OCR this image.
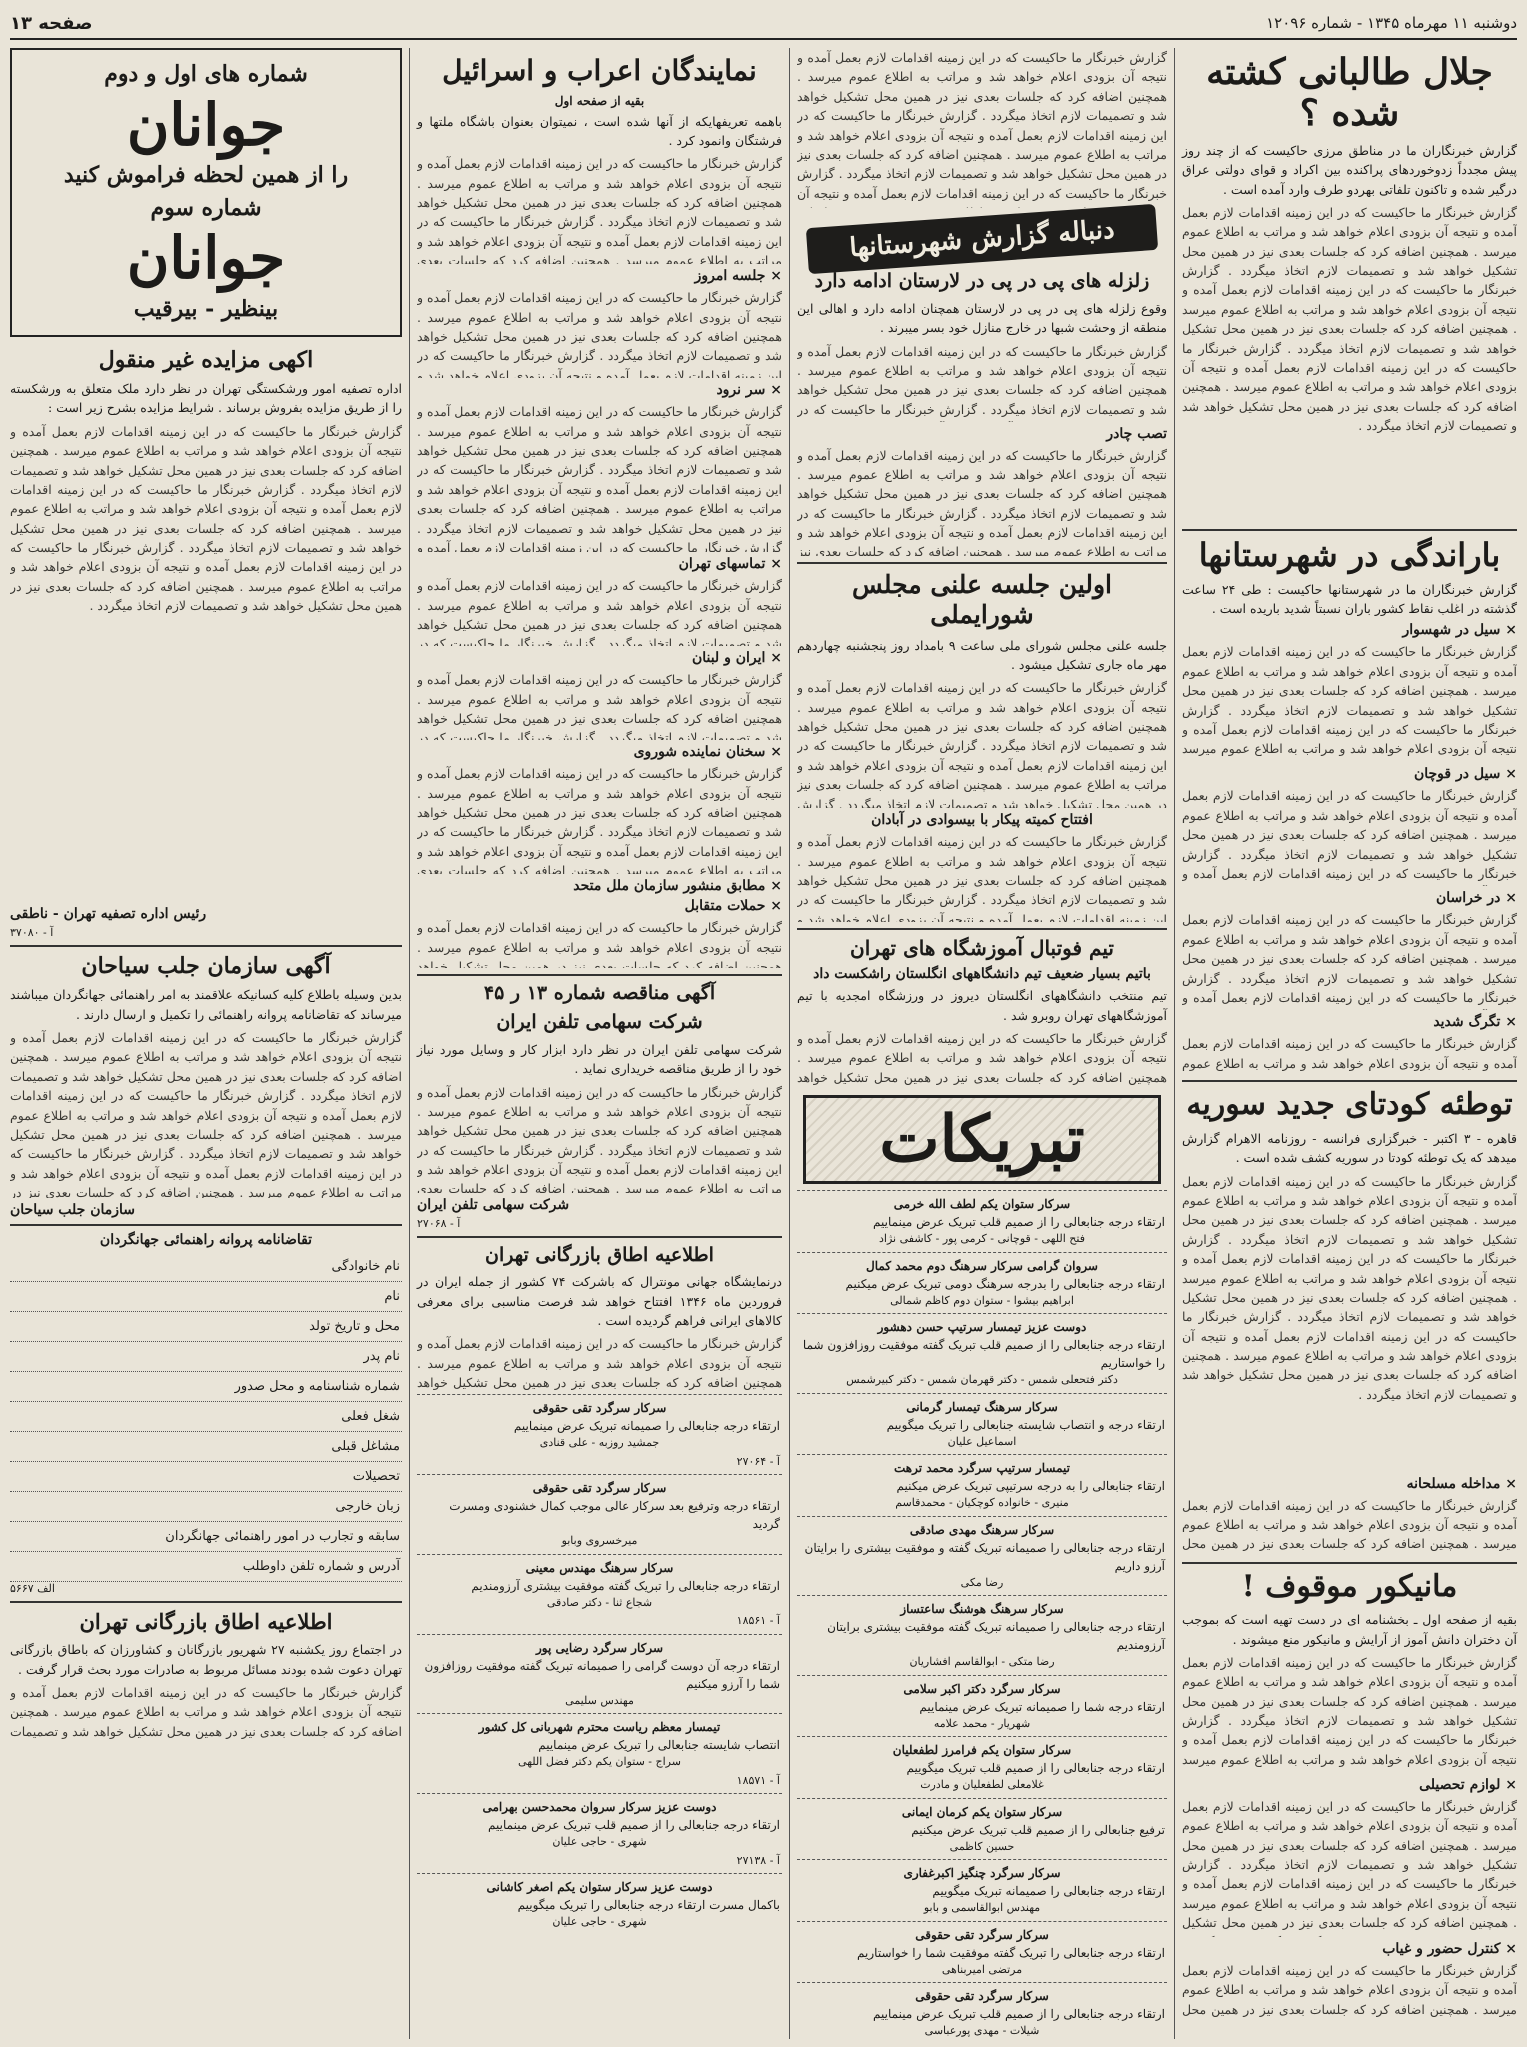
دوشنبه ۱۱ مهرماه ۱۳۴۵ - شماره ۱۲۰۹۶
صفحه ۱۳
جلال طالبانی کشته شده ؟

گزارش خبرنگاران ما در مناطق مرزی حاکیست که از چند روز پیش مجدداً زدوخوردهای پراکنده بین اکراد و قوای دولتی عراق درگیر شده و تاکنون تلفاتی بهردو طرف وارد آمده است .

گزارش خبرنگار ما حاکیست که در این زمینه اقدامات لازم بعمل آمده و نتیجه آن بزودی اعلام خواهد شد و مراتب به اطلاع عموم میرسد . همچنین اضافه کرد که جلسات بعدی نیز در همین محل تشکیل خواهد شد و تصمیمات لازم اتخاذ میگردد . گزارش خبرنگار ما حاکیست که در این زمینه اقدامات لازم بعمل آمده و نتیجه آن بزودی اعلام خواهد شد و مراتب به اطلاع عموم میرسد . همچنین اضافه کرد که جلسات بعدی نیز در همین محل تشکیل خواهد شد و تصمیمات لازم اتخاذ میگردد . گزارش خبرنگار ما حاکیست که در این زمینه اقدامات لازم بعمل آمده و نتیجه آن بزودی اعلام خواهد شد و مراتب به اطلاع عموم میرسد . همچنین اضافه کرد که جلسات بعدی نیز در همین محل تشکیل خواهد شد و تصمیمات لازم اتخاذ میگردد .
باراندگی در شهرستانها

گزارش خبرنگاران ما در شهرستانها حاکیست : طی ۲۴ ساعت گذشته در اغلب نقاط کشور باران نسبتاً شدید باریده است .

× سیل در شهسوار
گزارش خبرنگار ما حاکیست که در این زمینه اقدامات لازم بعمل آمده و نتیجه آن بزودی اعلام خواهد شد و مراتب به اطلاع عموم میرسد . همچنین اضافه کرد که جلسات بعدی نیز در همین محل تشکیل خواهد شد و تصمیمات لازم اتخاذ میگردد . گزارش خبرنگار ما حاکیست که در این زمینه اقدامات لازم بعمل آمده و نتیجه آن بزودی اعلام خواهد شد و مراتب به اطلاع عموم میرسد . همچنین اضافه کرد که جلسات بعدی نیز در همین محل تشکیل خواهد شد و تصمیمات لازم اتخاذ میگردد . گزارش خبرنگار ما حاکیست که در این زمینه اقدامات لازم بعمل آمده و نتیجه آن بزودی اعلام خواهد شد و مراتب به اطلاع عموم میرسد . همچنین اضافه کرد که جلسات بعدی نیز در همین محل تشکیل خواهد شد و تصمیمات لازم اتخاذ میگردد .
× سیل در قوچان
گزارش خبرنگار ما حاکیست که در این زمینه اقدامات لازم بعمل آمده و نتیجه آن بزودی اعلام خواهد شد و مراتب به اطلاع عموم میرسد . همچنین اضافه کرد که جلسات بعدی نیز در همین محل تشکیل خواهد شد و تصمیمات لازم اتخاذ میگردد . گزارش خبرنگار ما حاکیست که در این زمینه اقدامات لازم بعمل آمده و نتیجه آن بزودی اعلام خواهد شد و مراتب به اطلاع عموم میرسد . همچنین اضافه کرد که جلسات بعدی نیز در همین محل تشکیل خواهد شد و تصمیمات لازم اتخاذ میگردد . گزارش خبرنگار ما حاکیست که در این زمینه اقدامات لازم بعمل آمده و نتیجه آن بزودی اعلام خواهد شد و مراتب به اطلاع عموم میرسد . همچنین اضافه کرد که جلسات بعدی نیز در همین محل تشکیل خواهد شد و تصمیمات لازم اتخاذ میگردد .
× در خراسان
گزارش خبرنگار ما حاکیست که در این زمینه اقدامات لازم بعمل آمده و نتیجه آن بزودی اعلام خواهد شد و مراتب به اطلاع عموم میرسد . همچنین اضافه کرد که جلسات بعدی نیز در همین محل تشکیل خواهد شد و تصمیمات لازم اتخاذ میگردد . گزارش خبرنگار ما حاکیست که در این زمینه اقدامات لازم بعمل آمده و نتیجه آن بزودی اعلام خواهد شد و مراتب به اطلاع عموم میرسد . همچنین اضافه کرد که جلسات بعدی نیز در همین محل تشکیل خواهد شد و تصمیمات لازم اتخاذ میگردد . گزارش خبرنگار ما حاکیست که در این زمینه اقدامات لازم بعمل آمده و نتیجه آن بزودی اعلام خواهد شد و مراتب به اطلاع عموم میرسد . همچنین اضافه کرد که جلسات بعدی نیز در همین محل تشکیل خواهد شد و تصمیمات لازم اتخاذ میگردد .
× تگرگ شدید
گزارش خبرنگار ما حاکیست که در این زمینه اقدامات لازم بعمل آمده و نتیجه آن بزودی اعلام خواهد شد و مراتب به اطلاع عموم میرسد . همچنین اضافه کرد که جلسات بعدی نیز در همین محل تشکیل خواهد شد و تصمیمات لازم اتخاذ میگردد . گزارش خبرنگار ما حاکیست که در این زمینه اقدامات لازم بعمل آمده و نتیجه آن بزودی اعلام خواهد شد و مراتب به اطلاع عموم میرسد . همچنین اضافه کرد که جلسات بعدی نیز در همین محل تشکیل خواهد شد و تصمیمات لازم اتخاذ میگردد . گزارش خبرنگار ما حاکیست که در این زمینه اقدامات لازم بعمل آمده و نتیجه آن بزودی اعلام خواهد شد و مراتب به اطلاع عموم میرسد . همچنین اضافه کرد که جلسات بعدی نیز در همین محل تشکیل خواهد شد و تصمیمات لازم اتخاذ میگردد .
توطئه کودتای جدید سوریه

قاهره - ۳ اکتبر - خبرگزاری فرانسه - روزنامه الاهرام گزارش میدهد که یک توطئه کودتا در سوریه کشف شده است .

گزارش خبرنگار ما حاکیست که در این زمینه اقدامات لازم بعمل آمده و نتیجه آن بزودی اعلام خواهد شد و مراتب به اطلاع عموم میرسد . همچنین اضافه کرد که جلسات بعدی نیز در همین محل تشکیل خواهد شد و تصمیمات لازم اتخاذ میگردد . گزارش خبرنگار ما حاکیست که در این زمینه اقدامات لازم بعمل آمده و نتیجه آن بزودی اعلام خواهد شد و مراتب به اطلاع عموم میرسد . همچنین اضافه کرد که جلسات بعدی نیز در همین محل تشکیل خواهد شد و تصمیمات لازم اتخاذ میگردد . گزارش خبرنگار ما حاکیست که در این زمینه اقدامات لازم بعمل آمده و نتیجه آن بزودی اعلام خواهد شد و مراتب به اطلاع عموم میرسد . همچنین اضافه کرد که جلسات بعدی نیز در همین محل تشکیل خواهد شد و تصمیمات لازم اتخاذ میگردد .
× مداخله مسلحانه
گزارش خبرنگار ما حاکیست که در این زمینه اقدامات لازم بعمل آمده و نتیجه آن بزودی اعلام خواهد شد و مراتب به اطلاع عموم میرسد . همچنین اضافه کرد که جلسات بعدی نیز در همین محل تشکیل خواهد شد و تصمیمات لازم اتخاذ میگردد . گزارش خبرنگار ما حاکیست که در این زمینه اقدامات لازم بعمل آمده و نتیجه آن بزودی اعلام خواهد شد و مراتب به اطلاع عموم میرسد . همچنین اضافه کرد که جلسات بعدی نیز در همین محل تشکیل خواهد شد و تصمیمات لازم اتخاذ میگردد . گزارش خبرنگار ما حاکیست که در این زمینه اقدامات لازم بعمل آمده و نتیجه آن بزودی اعلام خواهد شد و مراتب به اطلاع عموم میرسد . همچنین اضافه کرد که جلسات بعدی نیز در همین محل تشکیل خواهد شد و تصمیمات لازم اتخاذ میگردد .
مانیکور موقوف !

بقیه از صفحه اول ـ بخشنامه ای در دست تهیه است که بموجب آن دختران دانش آموز از آرایش و مانیکور منع میشوند .

گزارش خبرنگار ما حاکیست که در این زمینه اقدامات لازم بعمل آمده و نتیجه آن بزودی اعلام خواهد شد و مراتب به اطلاع عموم میرسد . همچنین اضافه کرد که جلسات بعدی نیز در همین محل تشکیل خواهد شد و تصمیمات لازم اتخاذ میگردد . گزارش خبرنگار ما حاکیست که در این زمینه اقدامات لازم بعمل آمده و نتیجه آن بزودی اعلام خواهد شد و مراتب به اطلاع عموم میرسد . همچنین اضافه کرد که جلسات بعدی نیز در همین محل تشکیل خواهد شد و تصمیمات لازم اتخاذ میگردد . گزارش خبرنگار ما حاکیست که در این زمینه اقدامات لازم بعمل آمده و نتیجه آن بزودی اعلام خواهد شد و مراتب به اطلاع عموم میرسد . همچنین اضافه کرد که جلسات بعدی نیز در همین محل تشکیل خواهد شد و تصمیمات لازم اتخاذ میگردد .
× لوازم تحصیلی
گزارش خبرنگار ما حاکیست که در این زمینه اقدامات لازم بعمل آمده و نتیجه آن بزودی اعلام خواهد شد و مراتب به اطلاع عموم میرسد . همچنین اضافه کرد که جلسات بعدی نیز در همین محل تشکیل خواهد شد و تصمیمات لازم اتخاذ میگردد . گزارش خبرنگار ما حاکیست که در این زمینه اقدامات لازم بعمل آمده و نتیجه آن بزودی اعلام خواهد شد و مراتب به اطلاع عموم میرسد . همچنین اضافه کرد که جلسات بعدی نیز در همین محل تشکیل خواهد شد و تصمیمات لازم اتخاذ میگردد . گزارش خبرنگار ما حاکیست که در این زمینه اقدامات لازم بعمل آمده و نتیجه آن بزودی اعلام خواهد شد و مراتب به اطلاع عموم میرسد . همچنین اضافه کرد که جلسات بعدی نیز در همین محل تشکیل خواهد شد و تصمیمات لازم اتخاذ میگردد .
× کنترل حضور و غیاب
گزارش خبرنگار ما حاکیست که در این زمینه اقدامات لازم بعمل آمده و نتیجه آن بزودی اعلام خواهد شد و مراتب به اطلاع عموم میرسد . همچنین اضافه کرد که جلسات بعدی نیز در همین محل تشکیل خواهد شد و تصمیمات لازم اتخاذ میگردد . گزارش خبرنگار ما حاکیست که در این زمینه اقدامات لازم بعمل آمده و نتیجه آن بزودی اعلام خواهد شد و مراتب به اطلاع عموم میرسد . همچنین اضافه کرد که جلسات بعدی نیز در همین محل تشکیل خواهد شد و تصمیمات لازم اتخاذ میگردد . گزارش خبرنگار ما حاکیست که در این زمینه اقدامات لازم بعمل آمده و نتیجه آن بزودی اعلام خواهد شد و مراتب به اطلاع عموم میرسد . همچنین اضافه کرد که جلسات بعدی نیز در همین محل تشکیل خواهد شد و تصمیمات لازم اتخاذ میگردد .
گزارش خبرنگار ما حاکیست که در این زمینه اقدامات لازم بعمل آمده و نتیجه آن بزودی اعلام خواهد شد و مراتب به اطلاع عموم میرسد . همچنین اضافه کرد که جلسات بعدی نیز در همین محل تشکیل خواهد شد و تصمیمات لازم اتخاذ میگردد . گزارش خبرنگار ما حاکیست که در این زمینه اقدامات لازم بعمل آمده و نتیجه آن بزودی اعلام خواهد شد و مراتب به اطلاع عموم میرسد . همچنین اضافه کرد که جلسات بعدی نیز در همین محل تشکیل خواهد شد و تصمیمات لازم اتخاذ میگردد . گزارش خبرنگار ما حاکیست که در این زمینه اقدامات لازم بعمل آمده و نتیجه آن بزودی اعلام خواهد شد و مراتب به اطلاع عموم میرسد . همچنین اضافه کرد که جلسات بعدی نیز در همین محل تشکیل خواهد شد و تصمیمات لازم اتخاذ میگردد .
دنباله گزارش شهرستانها
زلزله های پی در پی در لارستان ادامه دارد

وقوع زلزله های پی در پی در لارستان همچنان ادامه دارد و اهالی این منطقه از وحشت شبها در خارج منازل خود بسر میبرند .

گزارش خبرنگار ما حاکیست که در این زمینه اقدامات لازم بعمل آمده و نتیجه آن بزودی اعلام خواهد شد و مراتب به اطلاع عموم میرسد . همچنین اضافه کرد که جلسات بعدی نیز در همین محل تشکیل خواهد شد و تصمیمات لازم اتخاذ میگردد . گزارش خبرنگار ما حاکیست که در این زمینه اقدامات لازم بعمل آمده و نتیجه آن بزودی اعلام خواهد شد و مراتب به اطلاع عموم میرسد . همچنین اضافه کرد که جلسات بعدی نیز در همین محل تشکیل خواهد شد و تصمیمات لازم اتخاذ میگردد . گزارش خبرنگار ما حاکیست که در این زمینه اقدامات لازم بعمل آمده و نتیجه آن بزودی اعلام خواهد شد و مراتب به اطلاع عموم میرسد . همچنین اضافه کرد که جلسات بعدی نیز در همین محل تشکیل خواهد شد و تصمیمات لازم اتخاذ میگردد .
تصب چادر
گزارش خبرنگار ما حاکیست که در این زمینه اقدامات لازم بعمل آمده و نتیجه آن بزودی اعلام خواهد شد و مراتب به اطلاع عموم میرسد . همچنین اضافه کرد که جلسات بعدی نیز در همین محل تشکیل خواهد شد و تصمیمات لازم اتخاذ میگردد . گزارش خبرنگار ما حاکیست که در این زمینه اقدامات لازم بعمل آمده و نتیجه آن بزودی اعلام خواهد شد و مراتب به اطلاع عموم میرسد . همچنین اضافه کرد که جلسات بعدی نیز در همین محل تشکیل خواهد شد و تصمیمات لازم اتخاذ میگردد . گزارش خبرنگار ما حاکیست که در این زمینه اقدامات لازم بعمل آمده و نتیجه آن بزودی اعلام خواهد شد و مراتب به اطلاع عموم میرسد . همچنین اضافه کرد که جلسات بعدی نیز در همین محل تشکیل خواهد شد و تصمیمات لازم اتخاذ میگردد .
اولین جلسه علنی مجلس شورایملی

جلسه علنی مجلس شورای ملی ساعت ۹ بامداد روز پنجشنبه چهاردهم مهر ماه جاری تشکیل میشود .

گزارش خبرنگار ما حاکیست که در این زمینه اقدامات لازم بعمل آمده و نتیجه آن بزودی اعلام خواهد شد و مراتب به اطلاع عموم میرسد . همچنین اضافه کرد که جلسات بعدی نیز در همین محل تشکیل خواهد شد و تصمیمات لازم اتخاذ میگردد . گزارش خبرنگار ما حاکیست که در این زمینه اقدامات لازم بعمل آمده و نتیجه آن بزودی اعلام خواهد شد و مراتب به اطلاع عموم میرسد . همچنین اضافه کرد که جلسات بعدی نیز در همین محل تشکیل خواهد شد و تصمیمات لازم اتخاذ میگردد . گزارش خبرنگار ما حاکیست که در این زمینه اقدامات لازم بعمل آمده و نتیجه آن بزودی اعلام خواهد شد و مراتب به اطلاع عموم میرسد . همچنین اضافه کرد که جلسات بعدی نیز در همین محل تشکیل خواهد شد و تصمیمات لازم اتخاذ میگردد .
افتتاح کمیته پیکار با بیسوادی در آبادان
گزارش خبرنگار ما حاکیست که در این زمینه اقدامات لازم بعمل آمده و نتیجه آن بزودی اعلام خواهد شد و مراتب به اطلاع عموم میرسد . همچنین اضافه کرد که جلسات بعدی نیز در همین محل تشکیل خواهد شد و تصمیمات لازم اتخاذ میگردد . گزارش خبرنگار ما حاکیست که در این زمینه اقدامات لازم بعمل آمده و نتیجه آن بزودی اعلام خواهد شد و مراتب به اطلاع عموم میرسد . همچنین اضافه کرد که جلسات بعدی نیز در همین محل تشکیل خواهد شد و تصمیمات لازم اتخاذ میگردد . گزارش خبرنگار ما حاکیست که در این زمینه اقدامات لازم بعمل آمده و نتیجه آن بزودی اعلام خواهد شد و مراتب به اطلاع عموم میرسد . همچنین اضافه کرد که جلسات بعدی نیز در همین محل تشکیل خواهد شد و تصمیمات لازم اتخاذ میگردد .
تیم فوتبال آموزشگاه های تهران
باتیم بسیار ضعیف تیم دانشگاههای انگلستان راشکست داد

تیم منتخب دانشگاههای انگلستان دیروز در ورزشگاه امجدیه با تیم آموزشگاههای تهران روبرو شد .

گزارش خبرنگار ما حاکیست که در این زمینه اقدامات لازم بعمل آمده و نتیجه آن بزودی اعلام خواهد شد و مراتب به اطلاع عموم میرسد . همچنین اضافه کرد که جلسات بعدی نیز در همین محل تشکیل خواهد شد و تصمیمات لازم اتخاذ میگردد . گزارش خبرنگار ما حاکیست که در این زمینه اقدامات لازم بعمل آمده و نتیجه آن بزودی اعلام خواهد شد و مراتب به اطلاع عموم میرسد . همچنین اضافه کرد که جلسات بعدی نیز در همین محل تشکیل خواهد شد و تصمیمات لازم اتخاذ میگردد . گزارش خبرنگار ما حاکیست که در این زمینه اقدامات لازم بعمل آمده و نتیجه آن بزودی اعلام خواهد شد و مراتب به اطلاع عموم میرسد . همچنین اضافه کرد که جلسات بعدی نیز در همین محل تشکیل خواهد شد و تصمیمات لازم اتخاذ میگردد .
تبریکات
سرکار ستوان یکم لطف الله خرمی
ارتقاء درجه جنابعالی را از صمیم قلب تبریک عرض مینماییم
فتح اللهی - قوچانی - کرمی پور - کاشفی نژاد
سروان گرامی سرکار سرهنگ دوم محمد کمال
ارتقاء درجه جنابعالی را بدرجه سرهنگ دومی تبریک عرض میکنیم
ابراهیم بیشوا - ستوان دوم کاظم شمالی
دوست عزیز تیمسار سرتیپ حسن دهشور
ارتقاء درجه جنابعالی را از صمیم قلب تبریک گفته موفقیت روزافزون شما را خواستاریم
دکتر فتحعلی شمس - دکتر قهرمان شمس - دکتر کبیرشمس
سرکار سرهنگ تیمسار گرمانی
ارتقاء درجه و انتصاب شایسته جنابعالی را تبریک میگوییم
اسماعیل علیان
تیمسار سرتیپ سرگرد محمد ترهت
ارتقاء جنابعالی را به درجه سرتیپی تبریک عرض میکنیم
منیری - خانواده کوچکیان - محمدقاسم
سرکار سرهنگ مهدی صادقی
ارتقاء درجه جنابعالی را صمیمانه تبریک گفته و موفقیت بیشتری را برایتان آرزو داریم
رضا مکی
سرکار سرهنگ هوشنگ ساعتساز
ارتقاء درجه جنابعالی را صمیمانه تبریک گفته موفقیت بیشتری برایتان آرزومندیم
رضا متکی - ابوالقاسم افشاریان
سرکار سرگرد دکتر اکبر سلامی
ارتقاء درجه شما را صمیمانه تبریک عرض مینماییم
شهریار - محمد علامه
سرکار ستوان یکم فرامرز لطفعلیان
ارتقاء درجه جنابعالی را از صمیم قلب تبریک میگوییم
غلامعلی لطفعلیان و مادرت
سرکار ستوان یکم کرمان ایمانی
ترفیع جنابعالی را از صمیم قلب تبریک عرض میکنیم
حسین کاظمی
سرکار سرگرد چنگیز اکبرغفاری
ارتقاء درجه جنابعالی را صمیمانه تبریک میگوییم
مهندس ابوالقاسمی و بابو
سرکار سرگرد تقی حقوقی
ارتقاء درجه جنابعالی را تبریک گفته موفقیت شما را خواستاریم
مرتضی امیربناهی
سرکار سرگرد تقی حقوقی
ارتقاء درجه جنابعالی را از صمیم قلب تبریک عرض مینماییم
شیلات - مهدی پورعباسی
نمایندگان اعراب و اسرائیل
بقیه از صفحه اول

باهمه تعریفهایکه از آنها شده است ، نمیتوان بعنوان باشگاه ملتها و فرشتگان وانمود کرد .

گزارش خبرنگار ما حاکیست که در این زمینه اقدامات لازم بعمل آمده و نتیجه آن بزودی اعلام خواهد شد و مراتب به اطلاع عموم میرسد . همچنین اضافه کرد که جلسات بعدی نیز در همین محل تشکیل خواهد شد و تصمیمات لازم اتخاذ میگردد . گزارش خبرنگار ما حاکیست که در این زمینه اقدامات لازم بعمل آمده و نتیجه آن بزودی اعلام خواهد شد و مراتب به اطلاع عموم میرسد . همچنین اضافه کرد که جلسات بعدی نیز در همین محل تشکیل خواهد شد و تصمیمات لازم اتخاذ میگردد . گزارش خبرنگار ما حاکیست که در این زمینه اقدامات لازم بعمل آمده و نتیجه آن بزودی اعلام خواهد شد و مراتب به اطلاع عموم میرسد . همچنین اضافه کرد که جلسات بعدی نیز در همین محل تشکیل خواهد شد و تصمیمات لازم اتخاذ میگردد .
× جلسه امروز
گزارش خبرنگار ما حاکیست که در این زمینه اقدامات لازم بعمل آمده و نتیجه آن بزودی اعلام خواهد شد و مراتب به اطلاع عموم میرسد . همچنین اضافه کرد که جلسات بعدی نیز در همین محل تشکیل خواهد شد و تصمیمات لازم اتخاذ میگردد . گزارش خبرنگار ما حاکیست که در این زمینه اقدامات لازم بعمل آمده و نتیجه آن بزودی اعلام خواهد شد و مراتب به اطلاع عموم میرسد . همچنین اضافه کرد که جلسات بعدی نیز در همین محل تشکیل خواهد شد و تصمیمات لازم اتخاذ میگردد . گزارش خبرنگار ما حاکیست که در این زمینه اقدامات لازم بعمل آمده و نتیجه آن بزودی اعلام خواهد شد و مراتب به اطلاع عموم میرسد . همچنین اضافه کرد که جلسات بعدی نیز در همین محل تشکیل خواهد شد و تصمیمات لازم اتخاذ میگردد .
× سر نرود
گزارش خبرنگار ما حاکیست که در این زمینه اقدامات لازم بعمل آمده و نتیجه آن بزودی اعلام خواهد شد و مراتب به اطلاع عموم میرسد . همچنین اضافه کرد که جلسات بعدی نیز در همین محل تشکیل خواهد شد و تصمیمات لازم اتخاذ میگردد . گزارش خبرنگار ما حاکیست که در این زمینه اقدامات لازم بعمل آمده و نتیجه آن بزودی اعلام خواهد شد و مراتب به اطلاع عموم میرسد . همچنین اضافه کرد که جلسات بعدی نیز در همین محل تشکیل خواهد شد و تصمیمات لازم اتخاذ میگردد . گزارش خبرنگار ما حاکیست که در این زمینه اقدامات لازم بعمل آمده و نتیجه آن بزودی اعلام خواهد شد و مراتب به اطلاع عموم میرسد . همچنین اضافه کرد که جلسات بعدی نیز در همین محل تشکیل خواهد شد و تصمیمات لازم اتخاذ میگردد .
× تماسهای تهران
گزارش خبرنگار ما حاکیست که در این زمینه اقدامات لازم بعمل آمده و نتیجه آن بزودی اعلام خواهد شد و مراتب به اطلاع عموم میرسد . همچنین اضافه کرد که جلسات بعدی نیز در همین محل تشکیل خواهد شد و تصمیمات لازم اتخاذ میگردد . گزارش خبرنگار ما حاکیست که در این زمینه اقدامات لازم بعمل آمده و نتیجه آن بزودی اعلام خواهد شد و مراتب به اطلاع عموم میرسد . همچنین اضافه کرد که جلسات بعدی نیز در همین محل تشکیل خواهد شد و تصمیمات لازم اتخاذ میگردد . گزارش خبرنگار ما حاکیست که در این زمینه اقدامات لازم بعمل آمده و نتیجه آن بزودی اعلام خواهد شد و مراتب به اطلاع عموم میرسد . همچنین اضافه کرد که جلسات بعدی نیز در همین محل تشکیل خواهد شد و تصمیمات لازم اتخاذ میگردد .
× ایران و لبنان
گزارش خبرنگار ما حاکیست که در این زمینه اقدامات لازم بعمل آمده و نتیجه آن بزودی اعلام خواهد شد و مراتب به اطلاع عموم میرسد . همچنین اضافه کرد که جلسات بعدی نیز در همین محل تشکیل خواهد شد و تصمیمات لازم اتخاذ میگردد . گزارش خبرنگار ما حاکیست که در این زمینه اقدامات لازم بعمل آمده و نتیجه آن بزودی اعلام خواهد شد و مراتب به اطلاع عموم میرسد . همچنین اضافه کرد که جلسات بعدی نیز در همین محل تشکیل خواهد شد و تصمیمات لازم اتخاذ میگردد . گزارش خبرنگار ما حاکیست که در این زمینه اقدامات لازم بعمل آمده و نتیجه آن بزودی اعلام خواهد شد و مراتب به اطلاع عموم میرسد . همچنین اضافه کرد که جلسات بعدی نیز در همین محل تشکیل خواهد شد و تصمیمات لازم اتخاذ میگردد .
× سخنان نماینده شوروی
گزارش خبرنگار ما حاکیست که در این زمینه اقدامات لازم بعمل آمده و نتیجه آن بزودی اعلام خواهد شد و مراتب به اطلاع عموم میرسد . همچنین اضافه کرد که جلسات بعدی نیز در همین محل تشکیل خواهد شد و تصمیمات لازم اتخاذ میگردد . گزارش خبرنگار ما حاکیست که در این زمینه اقدامات لازم بعمل آمده و نتیجه آن بزودی اعلام خواهد شد و مراتب به اطلاع عموم میرسد . همچنین اضافه کرد که جلسات بعدی نیز در همین محل تشکیل خواهد شد و تصمیمات لازم اتخاذ میگردد . گزارش خبرنگار ما حاکیست که در این زمینه اقدامات لازم بعمل آمده و نتیجه آن بزودی اعلام خواهد شد و مراتب به اطلاع عموم میرسد . همچنین اضافه کرد که جلسات بعدی نیز در همین محل تشکیل خواهد شد و تصمیمات لازم اتخاذ میگردد .
× مطابق منشور سازمان ملل متحد
× حملات متقابل
گزارش خبرنگار ما حاکیست که در این زمینه اقدامات لازم بعمل آمده و نتیجه آن بزودی اعلام خواهد شد و مراتب به اطلاع عموم میرسد . همچنین اضافه کرد که جلسات بعدی نیز در همین محل تشکیل خواهد شد و تصمیمات لازم اتخاذ میگردد . گزارش خبرنگار ما حاکیست که در این زمینه اقدامات لازم بعمل آمده و نتیجه آن بزودی اعلام خواهد شد و مراتب به اطلاع عموم میرسد . همچنین اضافه کرد که جلسات بعدی نیز در همین محل تشکیل خواهد شد و تصمیمات لازم اتخاذ میگردد . گزارش خبرنگار ما حاکیست که در این زمینه اقدامات لازم بعمل آمده و نتیجه آن بزودی اعلام خواهد شد و مراتب به اطلاع عموم میرسد . همچنین اضافه کرد که جلسات بعدی نیز در همین محل تشکیل خواهد شد و تصمیمات لازم اتخاذ میگردد .
آگهی مناقصه شماره ۱۳ ر ۴۵
شرکت سهامی تلفن ایران

شرکت سهامی تلفن ایران در نظر دارد ابزار کار و وسایل مورد نیاز خود را از طریق مناقصه خریداری نماید .

گزارش خبرنگار ما حاکیست که در این زمینه اقدامات لازم بعمل آمده و نتیجه آن بزودی اعلام خواهد شد و مراتب به اطلاع عموم میرسد . همچنین اضافه کرد که جلسات بعدی نیز در همین محل تشکیل خواهد شد و تصمیمات لازم اتخاذ میگردد . گزارش خبرنگار ما حاکیست که در این زمینه اقدامات لازم بعمل آمده و نتیجه آن بزودی اعلام خواهد شد و مراتب به اطلاع عموم میرسد . همچنین اضافه کرد که جلسات بعدی نیز در همین محل تشکیل خواهد شد و تصمیمات لازم اتخاذ میگردد . گزارش خبرنگار ما حاکیست که در این زمینه اقدامات لازم بعمل آمده و نتیجه آن بزودی اعلام خواهد شد و مراتب به اطلاع عموم میرسد . همچنین اضافه کرد که جلسات بعدی نیز در همین محل تشکیل خواهد شد و تصمیمات لازم اتخاذ میگردد .
شرکت سهامی تلفن ایران
آ - ۲۷۰۶۸
اطلاعیه اطاق بازرگانی تهران

درنمایشگاه جهانی مونترال که باشرکت ۷۴ کشور از جمله ایران در فروردین ماه ۱۳۴۶ افتتاح خواهد شد فرصت مناسبی برای معرفی کالاهای ایرانی فراهم گردیده است .

گزارش خبرنگار ما حاکیست که در این زمینه اقدامات لازم بعمل آمده و نتیجه آن بزودی اعلام خواهد شد و مراتب به اطلاع عموم میرسد . همچنین اضافه کرد که جلسات بعدی نیز در همین محل تشکیل خواهد شد و تصمیمات لازم اتخاذ میگردد . گزارش خبرنگار ما حاکیست که در این زمینه اقدامات لازم بعمل آمده و نتیجه آن بزودی اعلام خواهد شد و مراتب به اطلاع عموم میرسد . همچنین اضافه کرد که جلسات بعدی نیز در همین محل تشکیل خواهد شد و تصمیمات لازم اتخاذ میگردد . گزارش خبرنگار ما حاکیست که در این زمینه اقدامات لازم بعمل آمده و نتیجه آن بزودی اعلام خواهد شد و مراتب به اطلاع عموم میرسد . همچنین اضافه کرد که جلسات بعدی نیز در همین محل تشکیل خواهد شد و تصمیمات لازم اتخاذ میگردد .
سرکار سرگرد تقی حقوقی
ارتقاء درجه جنابعالی را صمیمانه تبریک عرض مینماییم
جمشید روزبه - علی قنادی
آ - ۲۷۰۶۴
سرکار سرگرد تقی حقوقی
ارتقاء درجه وترفیع بعد سرکار عالی موجب کمال خشنودی ومسرت گردید
میرخسروی وبابو
سرکار سرهنگ مهندس معینی
ارتقاء درجه جنابعالی را تبریک گفته موفقیت بیشتری آرزومندیم
شجاع ثنا - دکتر صادقی
آ - ۱۸۵۶۱
سرکار سرگرد رضایی پور
ارتقاء درجه آن دوست گرامی را صمیمانه تبریک گفته موفقیت روزافزون شما را آرزو میکنیم
مهندس سلیمی
تیمسار معظم ریاست محترم شهربانی کل کشور
انتصاب شایسته جنابعالی را تبریک عرض مینماییم
سراج - ستوان یکم دکتر فضل اللهی
آ - ۱۸۵۷۱
دوست عزیز سرکار سروان محمدحسن بهرامی
ارتقاء درجه جنابعالی را از صمیم قلب تبریک عرض مینماییم
شهری - حاجی علیان
آ - ۲۷۱۳۸
دوست عزیز سرکار ستوان یکم اصغر کاشانی
باکمال مسرت ارتقاء درجه جنابعالی را تبریک میگوییم
شهری - حاجی علیان
شماره های اول و دوم
جوانان
را از همین لحظه فراموش کنید
شماره سوم
جوانان
بینظیر - بیرقیب
اکهی مزایده غیر منقول

اداره تصفیه امور ورشکستگی تهران در نظر دارد ملک متعلق به ورشکسته را از طریق مزایده بفروش برساند . شرایط مزایده بشرح زیر است :

گزارش خبرنگار ما حاکیست که در این زمینه اقدامات لازم بعمل آمده و نتیجه آن بزودی اعلام خواهد شد و مراتب به اطلاع عموم میرسد . همچنین اضافه کرد که جلسات بعدی نیز در همین محل تشکیل خواهد شد و تصمیمات لازم اتخاذ میگردد . گزارش خبرنگار ما حاکیست که در این زمینه اقدامات لازم بعمل آمده و نتیجه آن بزودی اعلام خواهد شد و مراتب به اطلاع عموم میرسد . همچنین اضافه کرد که جلسات بعدی نیز در همین محل تشکیل خواهد شد و تصمیمات لازم اتخاذ میگردد . گزارش خبرنگار ما حاکیست که در این زمینه اقدامات لازم بعمل آمده و نتیجه آن بزودی اعلام خواهد شد و مراتب به اطلاع عموم میرسد . همچنین اضافه کرد که جلسات بعدی نیز در همین محل تشکیل خواهد شد و تصمیمات لازم اتخاذ میگردد .
رئیس اداره تصفیه تهران - ناطقی
آ - ۳۷۰۸۰
آگهی سازمان جلب سیاحان

بدین وسیله باطلاع کلیه کسانیکه علاقمند به امر راهنمائی جهانگردان میباشند میرساند که تقاضانامه پروانه راهنمائی را تکمیل و ارسال دارند .

گزارش خبرنگار ما حاکیست که در این زمینه اقدامات لازم بعمل آمده و نتیجه آن بزودی اعلام خواهد شد و مراتب به اطلاع عموم میرسد . همچنین اضافه کرد که جلسات بعدی نیز در همین محل تشکیل خواهد شد و تصمیمات لازم اتخاذ میگردد . گزارش خبرنگار ما حاکیست که در این زمینه اقدامات لازم بعمل آمده و نتیجه آن بزودی اعلام خواهد شد و مراتب به اطلاع عموم میرسد . همچنین اضافه کرد که جلسات بعدی نیز در همین محل تشکیل خواهد شد و تصمیمات لازم اتخاذ میگردد . گزارش خبرنگار ما حاکیست که در این زمینه اقدامات لازم بعمل آمده و نتیجه آن بزودی اعلام خواهد شد و مراتب به اطلاع عموم میرسد . همچنین اضافه کرد که جلسات بعدی نیز در همین محل تشکیل خواهد شد و تصمیمات لازم اتخاذ میگردد .
سازمان جلب سیاحان
تقاضانامه پروانه راهنمائی جهانگردان
نام خانوادگی
نام
محل و تاریخ تولد
نام پدر
شماره شناسنامه و محل صدور
شغل فعلی
مشاغل قبلی
تحصیلات
زبان خارجی
سابقه و تجارب در امور راهنمائی جهانگردان
آدرس و شماره تلفن داوطلب
الف ۵۶۶۷
اطلاعیه اطاق بازرگانی تهران

در اجتماع روز یکشنبه ۲۷ شهریور بازرگانان و کشاورزان که باطاق بازرگانی تهران دعوت شده بودند مسائل مربوط به صادرات مورد بحث قرار گرفت .

گزارش خبرنگار ما حاکیست که در این زمینه اقدامات لازم بعمل آمده و نتیجه آن بزودی اعلام خواهد شد و مراتب به اطلاع عموم میرسد . همچنین اضافه کرد که جلسات بعدی نیز در همین محل تشکیل خواهد شد و تصمیمات لازم اتخاذ میگردد . گزارش خبرنگار ما حاکیست که در این زمینه اقدامات لازم بعمل آمده و نتیجه آن بزودی اعلام خواهد شد و مراتب به اطلاع عموم میرسد . همچنین اضافه کرد که جلسات بعدی نیز در همین محل تشکیل خواهد شد و تصمیمات لازم اتخاذ میگردد . گزارش خبرنگار ما حاکیست که در این زمینه اقدامات لازم بعمل آمده و نتیجه آن بزودی اعلام خواهد شد و مراتب به اطلاع عموم میرسد . همچنین اضافه کرد که جلسات بعدی نیز در همین محل تشکیل خواهد شد و تصمیمات لازم اتخاذ میگردد .
